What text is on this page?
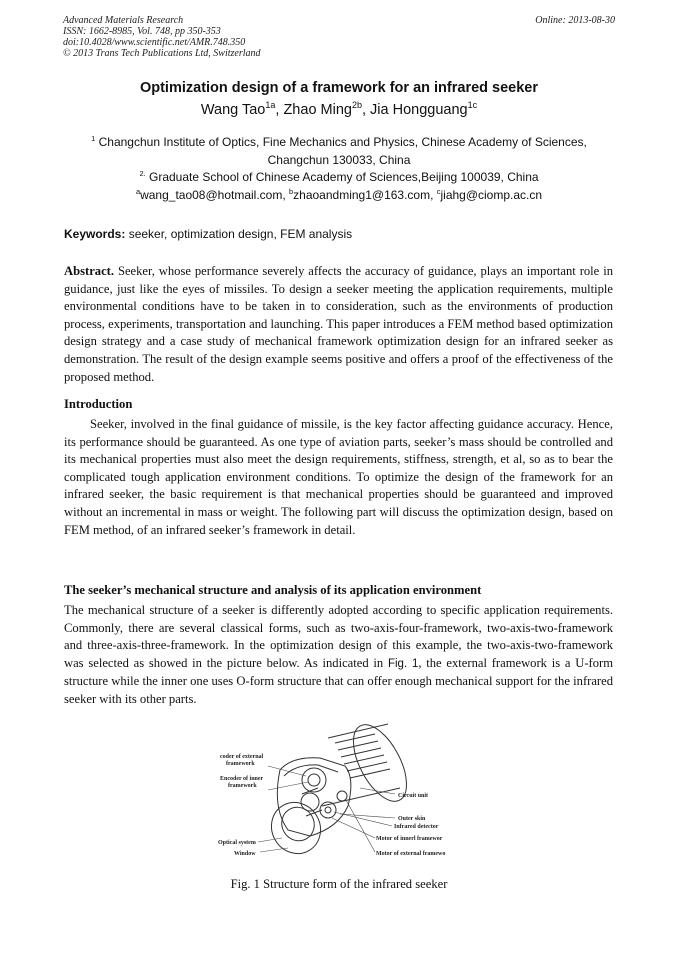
Advanced Materials Research
ISSN: 1662-8985, Vol. 748, pp 350-353
doi:10.4028/www.scientific.net/AMR.748.350
© 2013 Trans Tech Publications Ltd, Switzerland
Online: 2013-08-30
Optimization design of a framework for an infrared seeker
Wang Tao$^{1a}$, Zhao Ming$^{2b}$, Jia Hongguang$^{1c}$
$^1$ Changchun Institute of Optics, Fine Mechanics and Physics, Chinese Academy of Sciences,
Changchun 130033, China
$^{2.}$ Graduate School of Chinese Academy of Sciences,Beijing 100039, China
$^a$wang_tao08@hotmail.com, $^b$zhaoandming1@163.com, $^c$jiahg@ciomp.ac.cn
Keywords: seeker, optimization design, FEM analysis
Abstract. Seeker, whose performance severely affects the accuracy of guidance, plays an important role in guidance, just like the eyes of missiles. To design a seeker meeting the application requirements, multiple environmental conditions have to be taken in to consideration, such as the environments of production process, experiments, transportation and launching. This paper introduces a FEM method based optimization design strategy and a case study of mechanical framework optimization design for an infrared seeker as demonstration. The result of the design example seems positive and offers a proof of the effectiveness of the proposed method.
Introduction
Seeker, involved in the final guidance of missile, is the key factor affecting guidance accuracy. Hence, its performance should be guaranteed. As one type of aviation parts, seeker’s mass should be controlled and its mechanical properties must also meet the design requirements, stiffness, strength, et al, so as to bear the complicated tough application environment conditions. To optimize the design of the framework for an infrared seeker, the basic requirement is that mechanical properties should be guaranteed and improved without an incremental in mass or weight. The following part will discuss the optimization design, based on FEM method, of an infrared seeker’s framework in detail.
The seeker’s mechanical structure and analysis of its application environment
The mechanical structure of a seeker is differently adopted according to specific application requirements. Commonly, there are several classical forms, such as two-axis-four-framework, two-axis-two-framework and three-axis-three-framework. In the optimization design of this example, the two-axis-two-framework was selected as showed in the picture below. As indicated in Fig. 1, the external framework is a U-form structure while the inner one uses O-form structure that can offer enough mechanical support for the infrared seeker with its other parts.
coder of external
framework
Encoder of inner
framework
Circuit unit
Outer skin
Infrared detector
Motor of innerl framewor
Motor of external framewo
Optical system
Window
Fig. 1 Structure form of the infrared seeker
